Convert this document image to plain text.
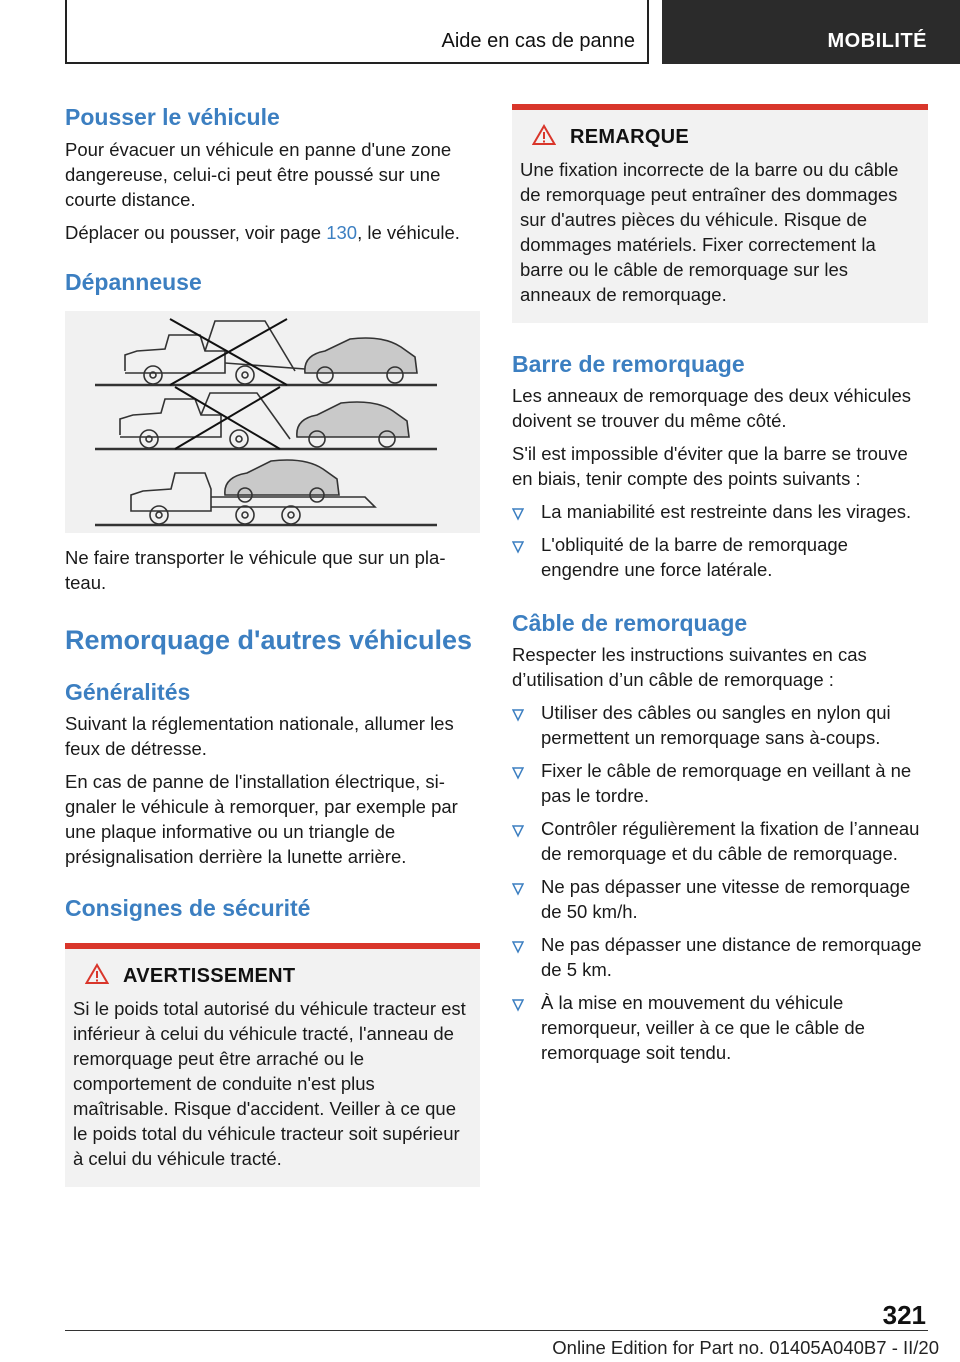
Aide en cas de panne	MOBILITÉ
Pousser le véhicule

Pour évacuer un véhicule en panne d'une zone dangereuse, celui-ci peut être poussé sur une courte distance.

Déplacer ou pousser, voir page 130, le véhicule.

Dépanneuse

Ne faire transporter le véhicule que sur un pla‐teau.

Remorquage d'autres véhicules
Généralités

Suivant la réglementation nationale, allumer les feux de détresse.

En cas de panne de l'installation électrique, si‐gnaler le véhicule à remorquer, par exemple par une plaque informative ou un triangle de présignalisation derrière la lunette arrière.

Consignes de sécurité
AVERTISSEMENT

Si le poids total autorisé du véhicule tracteur est inférieur à celui du véhicule tracté, l'anneau de remorquage peut être arraché ou le comportement de conduite n'est plus maîtrisable. Risque d'accident. Veiller à ce que le poids total du véhicule tracteur soit supérieur à celui du véhicule tracté.

REMARQUE

Une fixation incorrecte de la barre ou du câble de remorquage peut entraîner des dommages sur d'autres pièces du véhicule. Risque de dommages matériels. Fixer correctement la barre ou le câble de remorquage sur les anneaux de remorquage.

Barre de remorquage

Les anneaux de remorquage des deux véhicules doivent se trouver du même côté.

S'il est impossible d'éviter que la barre se trouve en biais, tenir compte des points suivants :

La maniabilité est restreinte dans les virages.
L'obliquité de la barre de remorquage engendre une force latérale.
Câble de remorquage

Respecter les instructions suivantes en cas d’utilisation d’un câble de remorquage :

Utiliser des câbles ou sangles en nylon qui permettent un remorquage sans à-coups.
Fixer le câble de remorquage en veillant à ne pas le tordre.
Contrôler régulièrement la fixation de l’anneau de remorquage et du câble de remorquage.
Ne pas dépasser une vitesse de remorquage de 50 km/h.
Ne pas dépasser une distance de remorquage de 5 km.
À la mise en mouvement du véhicule remorqueur, veiller à ce que le câble de remorquage soit tendu.
321
Online Edition for Part no. 01405A040B7 - II/20
